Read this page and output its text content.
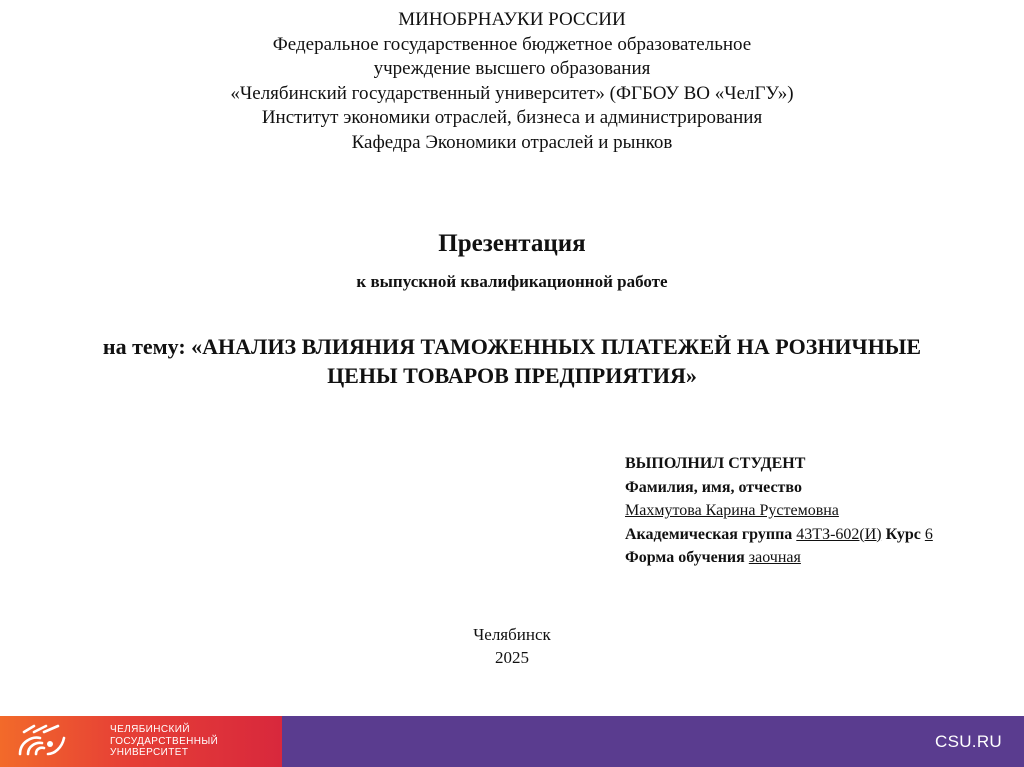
МИНОБРНАУКИ РОССИИ
Федеральное государственное бюджетное образовательное
учреждение высшего образования
«Челябинский государственный университет» (ФГБОУ ВО «ЧелГУ»)
Институт экономики отраслей, бизнеса и администрирования
Кафедра Экономики отраслей и рынков
Презентация
к выпускной квалификационной работе
на тему: «АНАЛИЗ ВЛИЯНИЯ ТАМОЖЕННЫХ ПЛАТЕЖЕЙ НА РОЗНИЧНЫЕ
ЦЕНЫ ТОВАРОВ ПРЕДПРИЯТИЯ»
ВЫПОЛНИЛ СТУДЕНТ
Фамилия, имя, отчество
Махмутова Карина Рустемовна
Академическая группа 43ТЗ-602(И) Курс 6
Форма обучения заочная
Челябинск
2025
ЧЕЛЯБИНСКИЙ
ГОСУДАРСТВЕННЫЙ
УНИВЕРСИТЕТ
CSU.RU
